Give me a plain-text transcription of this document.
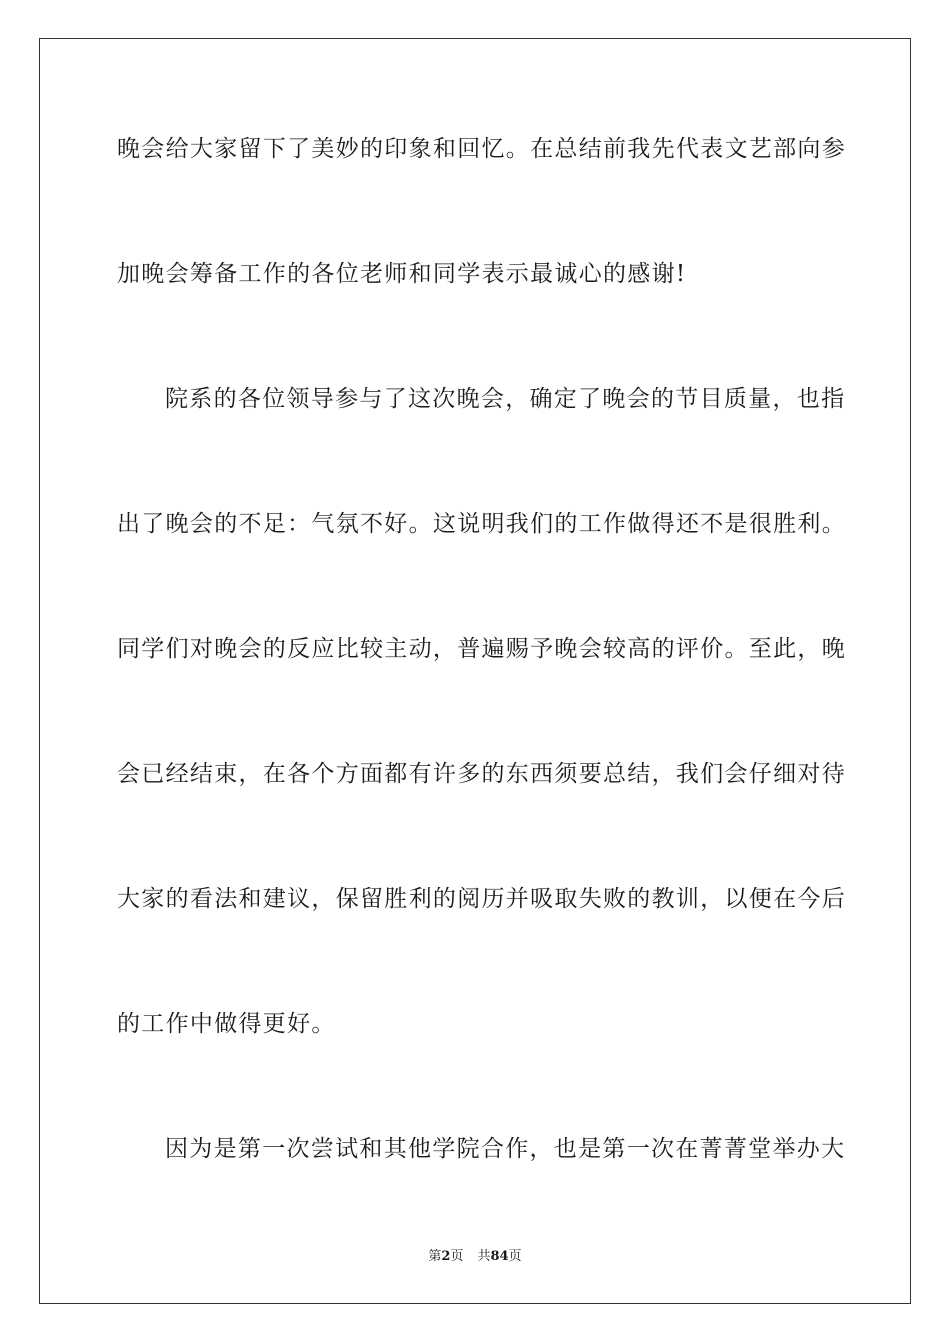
晚会给大家留下了美妙的印象和回忆。在总结前我先代表文艺部向参
加晚会筹备工作的各位老师和同学表示最诚心的感谢!
院系的各位领导参与了这次晚会，确定了晚会的节目质量，也指
出了晚会的不足：气氛不好。这说明我们的工作做得还不是很胜利。
同学们对晚会的反应比较主动，普遍赐予晚会较高的评价。至此，晚
会已经结束，在各个方面都有许多的东西须要总结，我们会仔细对待
大家的看法和建议，保留胜利的阅历并吸取失败的教训，以便在今后
的工作中做得更好。
因为是第一次尝试和其他学院合作，也是第一次在菁菁堂举办大
第2页 共84页
